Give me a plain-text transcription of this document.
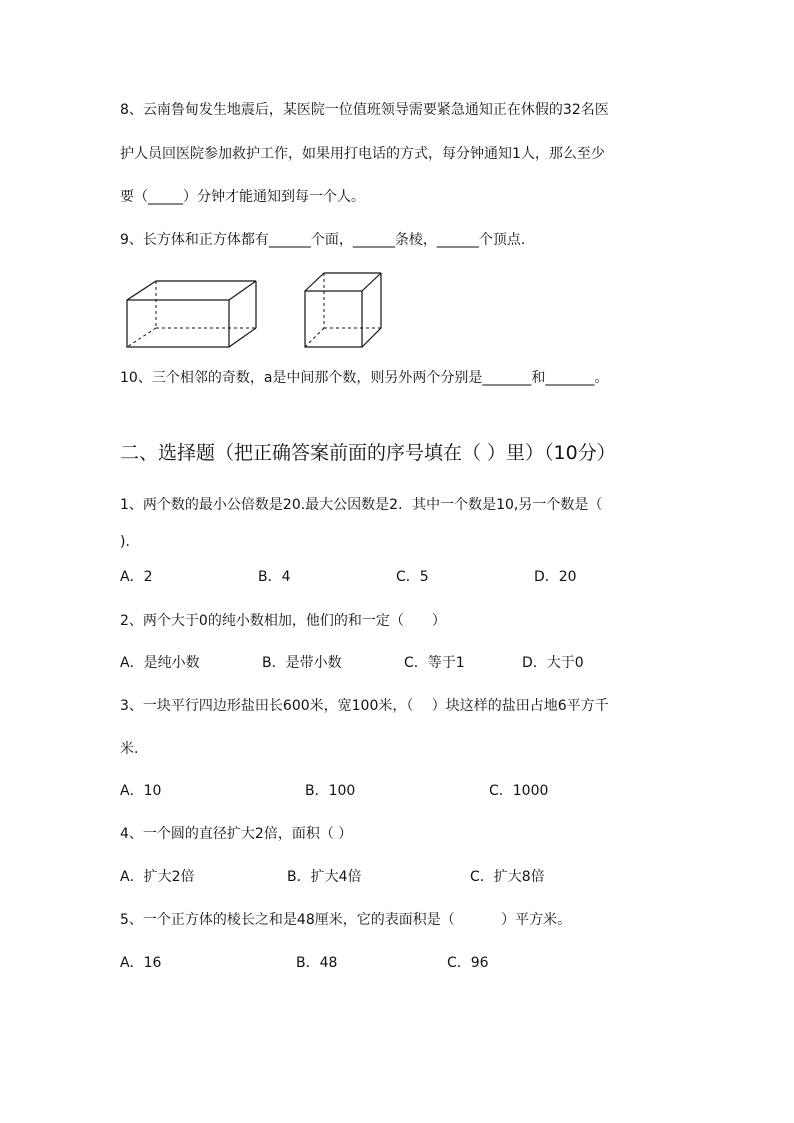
8、云南鲁甸发生地震后，某医院一位值班领导需要紧急通知正在休假的32名医
护人员回医院参加救护工作，如果用打电话的方式，每分钟通知1人，那么至少
要（_____）分钟才能通知到每一个人。
9、长方体和正方体都有______个面，______条棱，______个顶点.
10、三个相邻的奇数，a是中间那个数，则另外两个分别是_______和_______。
二、选择题（把正确答案前面的序号填在（ ）里）（10分）
1、两个数的最小公倍数是20.最大公因数是2．其中一个数是10,另一个数是（
).
A．2	B．4	C．5	D．20
2、两个大于0的纯小数相加，他们的和一定（　　）
A．是纯小数	B．是带小数	C．等于1	D．大于0
3、一块平行四边形盐田长600米，宽100米，（　 ）块这样的盐田占地6平方千
米.
A．10	B．100	C．1000
4、一个圆的直径扩大2倍，面积（ ）
A．扩大2倍	B．扩大4倍	C．扩大8倍
5、一个正方体的棱长之和是48厘米，它的表面积是（　　　 ）平方米。
A．16	B．48	C．96
